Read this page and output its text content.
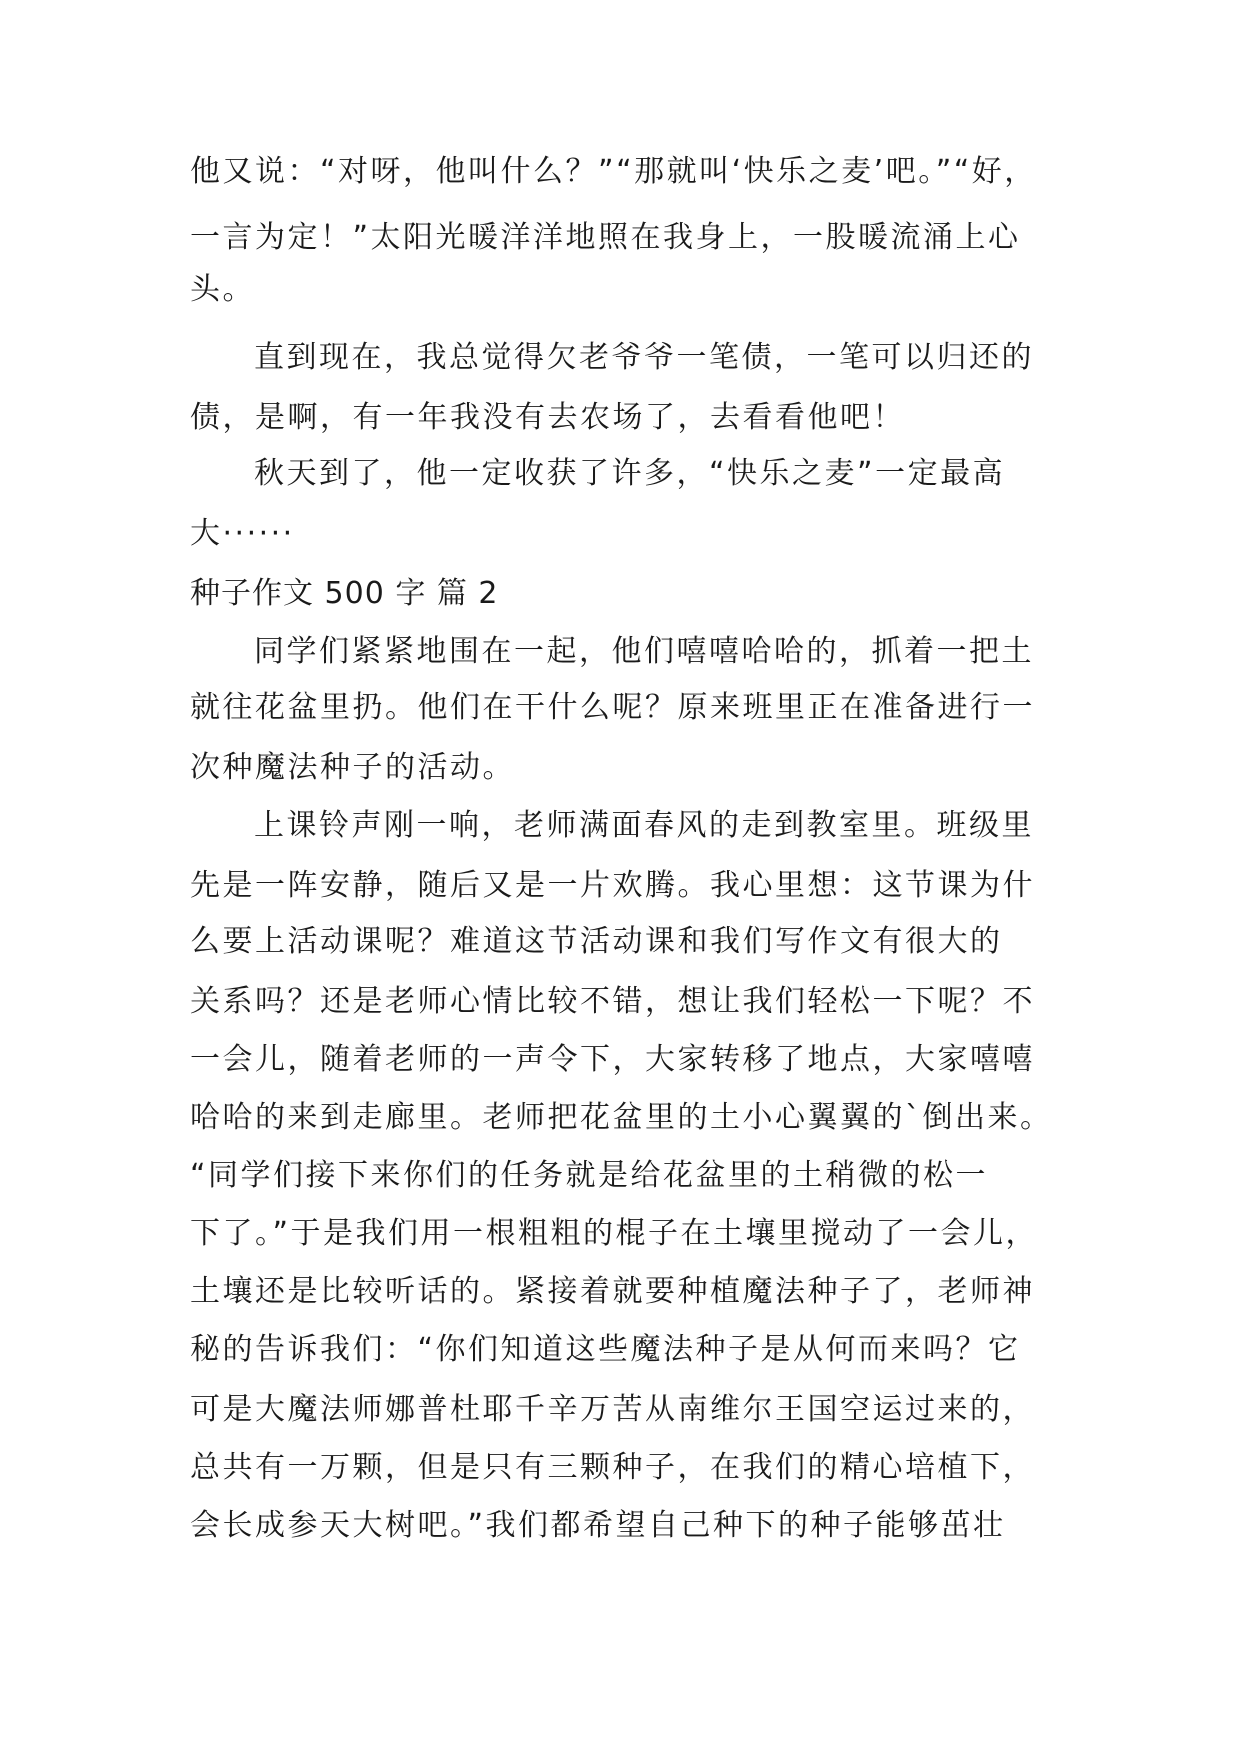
他又说：“对呀，他叫什么？”“那就叫‘快乐之麦’吧。”“好，
一言为定！”太阳光暖洋洋地照在我身上，一股暖流涌上心
头。
直到现在，我总觉得欠老爷爷一笔债，一笔可以归还的
债，是啊，有一年我没有去农场了，去看看他吧！
秋天到了，他一定收获了许多，“快乐之麦”一定最高
大······
种子作文 500 字 篇 2
同学们紧紧地围在一起，他们嘻嘻哈哈的，抓着一把土
就往花盆里扔。他们在干什么呢？原来班里正在准备进行一
次种魔法种子的活动。
上课铃声刚一响，老师满面春风的走到教室里。班级里
先是一阵安静，随后又是一片欢腾。我心里想：这节课为什
么要上活动课呢？难道这节活动课和我们写作文有很大的
关系吗？还是老师心情比较不错，想让我们轻松一下呢？不
一会儿，随着老师的一声令下，大家转移了地点，大家嘻嘻
哈哈的来到走廊里。老师把花盆里的土小心翼翼的`倒出来。
“同学们接下来你们的任务就是给花盆里的土稍微的松一
下了。”于是我们用一根粗粗的棍子在土壤里搅动了一会儿，
土壤还是比较听话的。紧接着就要种植魔法种子了，老师神
秘的告诉我们：“你们知道这些魔法种子是从何而来吗？它
可是大魔法师娜普杜耶千辛万苦从南维尔王国空运过来的，
总共有一万颗，但是只有三颗种子，在我们的精心培植下，
会长成参天大树吧。”我们都希望自己种下的种子能够茁壮
